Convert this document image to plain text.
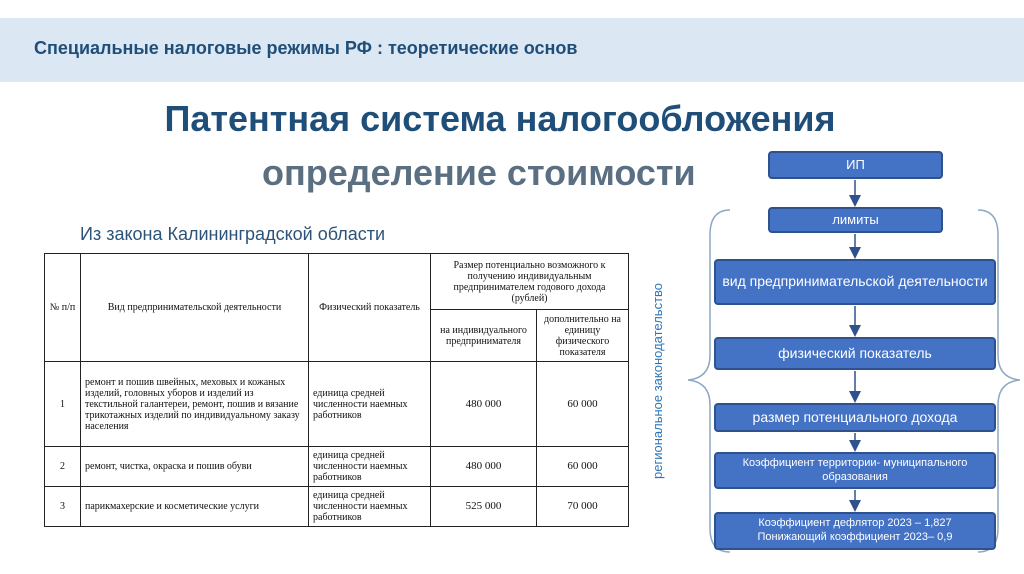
Специальные налоговые режимы РФ : теоретические основ
Патентная система налогообложения
определение стоимости
Из закона Калининградской области
№ п/п	Вид предпринимательской деятельности	Физический показатель	Размер потенциально возможного к получению индивидуальным предпринимателем годового дохода (рублей)	
			на индивидуального предпринимателя	дополнительно на единицу физического показателя
1	ремонт и пошив швейных, меховых и кожаных изделий, головных уборов и изделий из текстильной галантереи, ремонт, пошив и вязание трикотажных изделий по индивидуальному заказу населения	единица средней численности наемных работников	480 000	60 000
2	ремонт, чистка, окраска и пошив обуви	единица средней численности наемных работников	480 000	60 000
3	парикмахерские и косметические услуги	единица средней численности наемных работников	525 000	70 000
региональное законодательство
ИП
лимиты
вид предпринимательской деятельности
физический показатель
размер потенциального дохода
Коэффициент территории- муниципального образования
Коэффициент дефлятор 2023 – 1,827
Понижающий коэффициент 2023– 0,9
